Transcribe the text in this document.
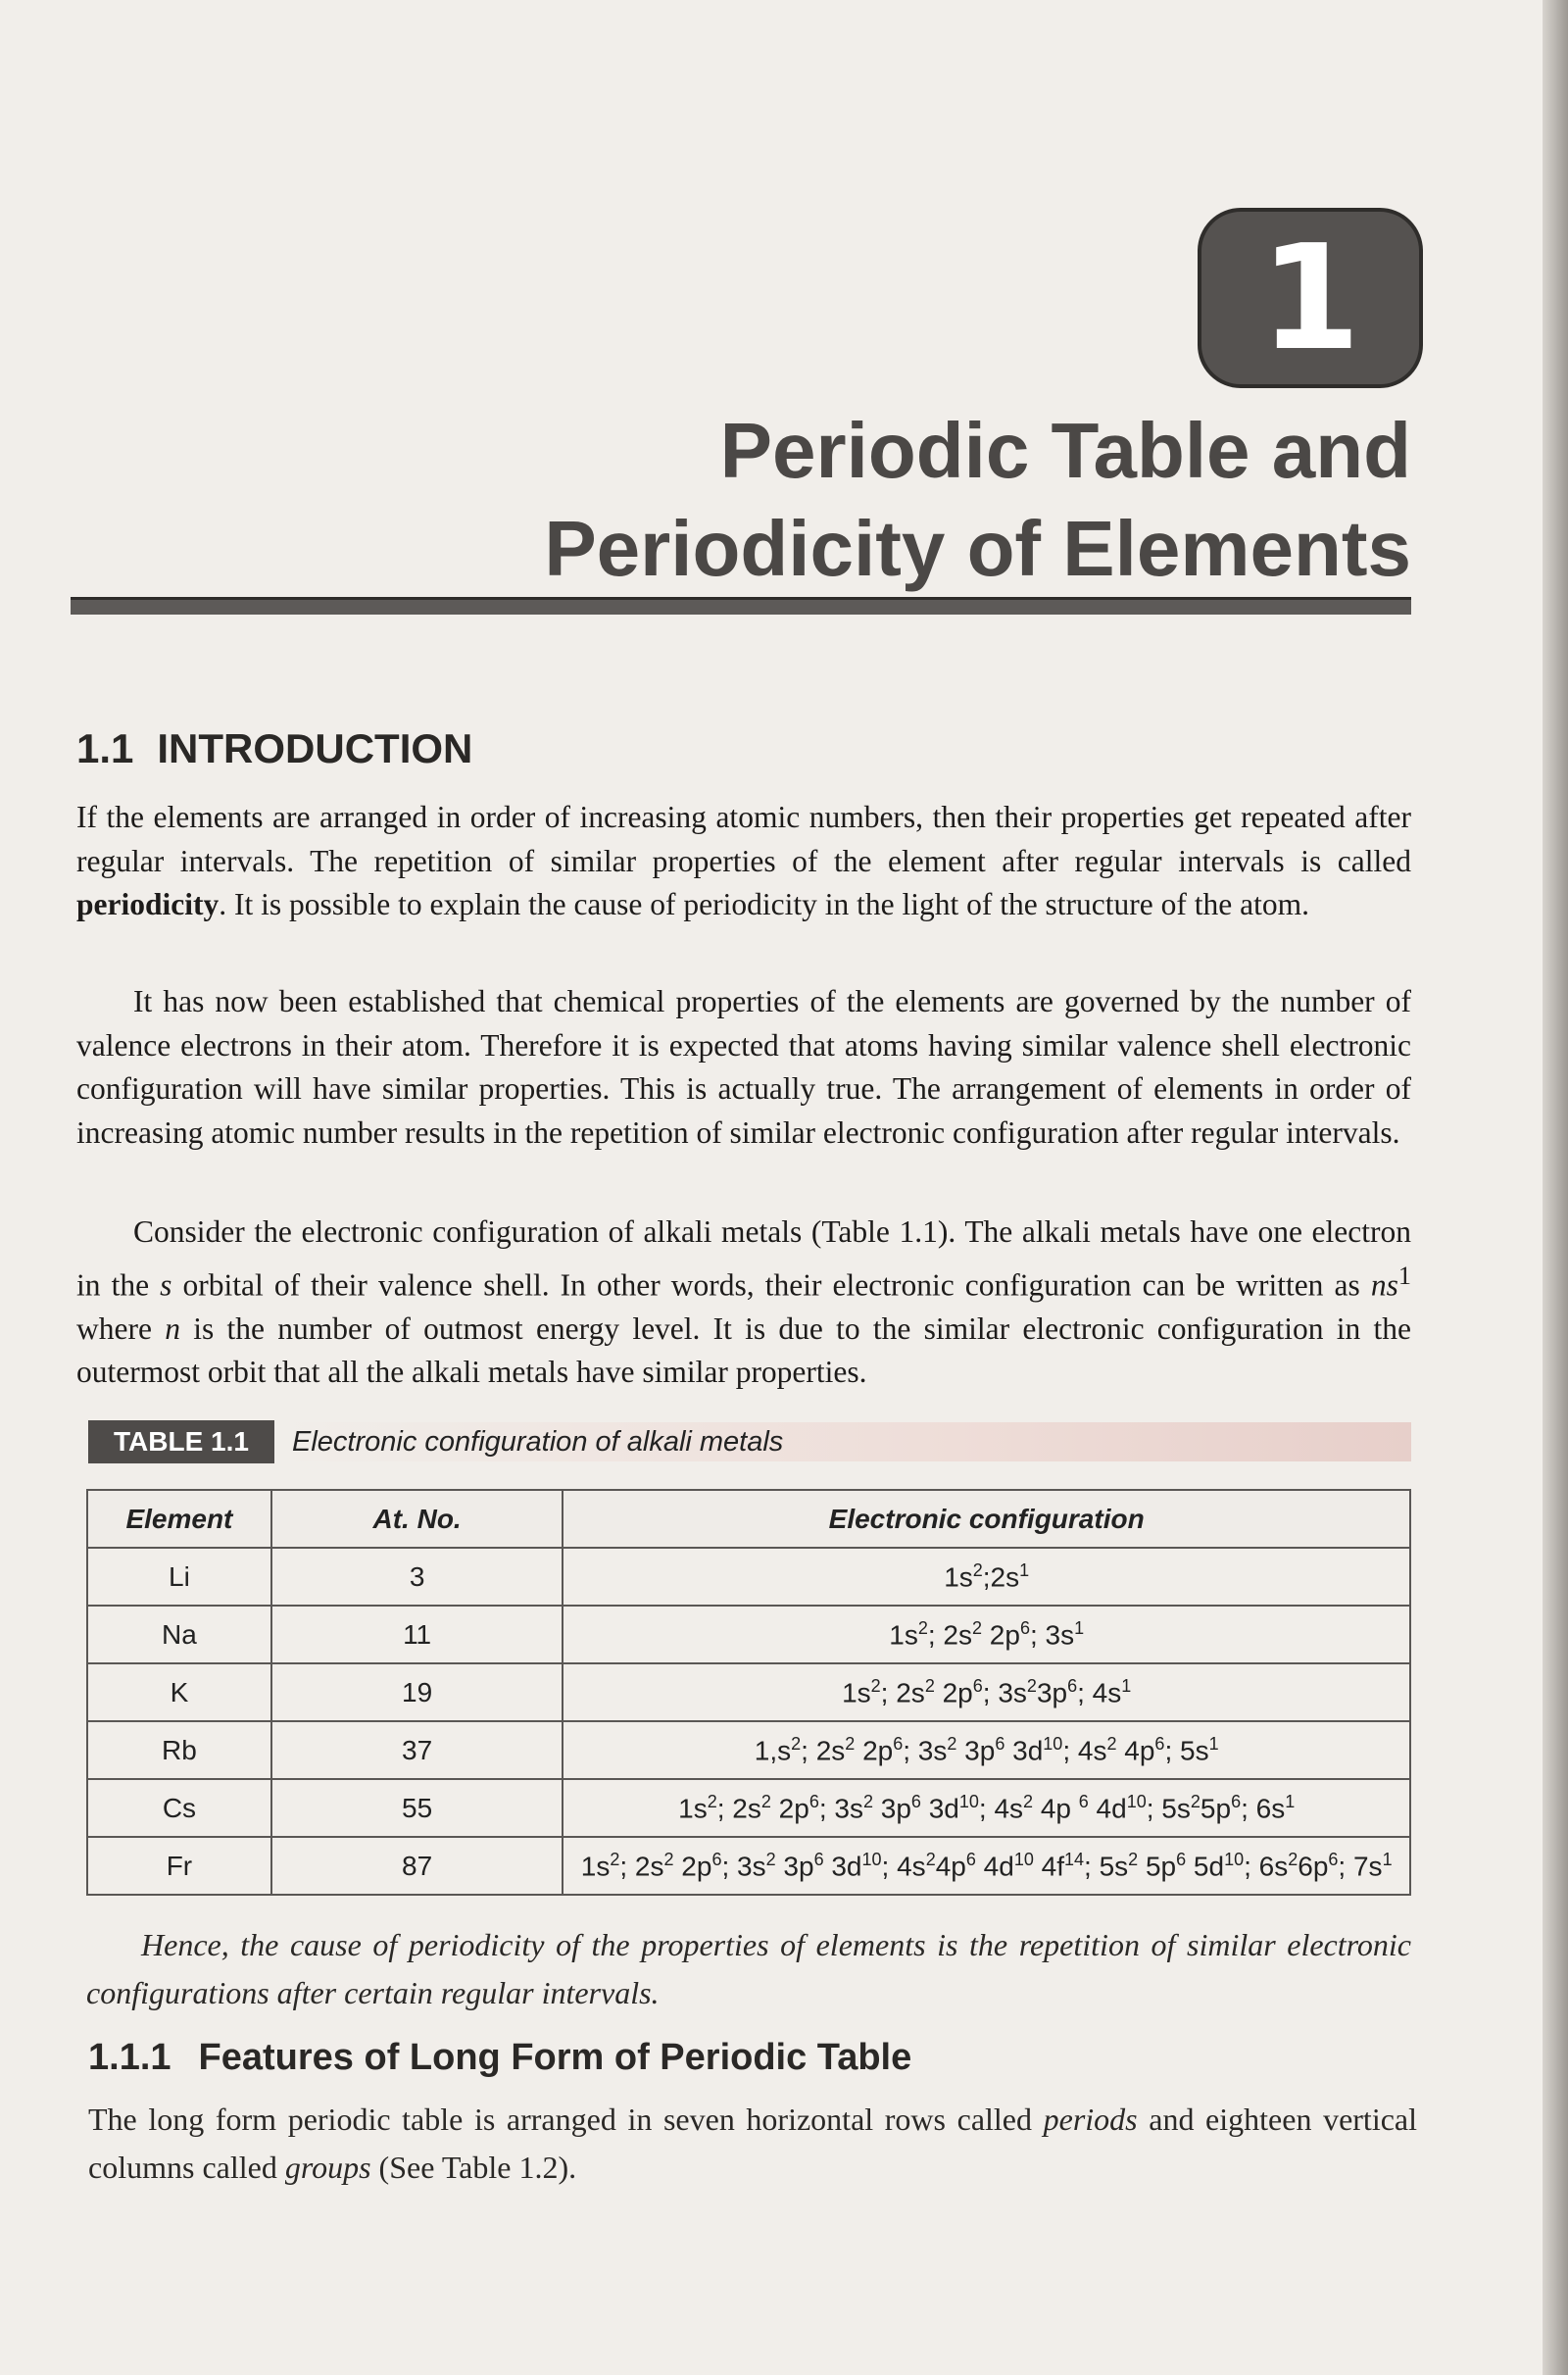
1
Periodic Table and
Periodicity of Elements
1.1 INTRODUCTION

If the elements are arranged in order of increasing atomic numbers, then their properties get repeated after regular intervals. The repetition of similar properties of the element after regular intervals is called periodicity. It is possible to explain the cause of periodicity in the light of the structure of the atom.

It has now been established that chemical properties of the elements are governed by the number of valence electrons in their atom. Therefore it is expected that atoms having similar valence shell electronic configuration will have similar properties. This is actually true. The arrangement of elements in order of increasing atomic number results in the repetition of similar electronic configuration after regular intervals.

Consider the electronic configuration of alkali metals (Table 1.1). The alkali metals have one electron in the s orbital of their valence shell. In other words, their electronic configuration can be written as $ns^1$ where n is the number of outmost energy level. It is due to the similar electronic configuration in the outermost orbit that all the alkali metals have similar properties.

TABLE 1.1	Electronic configuration of alkali metals
Element	At. No.	Electronic configuration
Li	3	$1s^2;2s^1$
Na	11	$1s^2$; $2s^2$ $2p^6$; $3s^1$
K	19	$1s^2$; $2s^2$ $2p^6$; $3s^23p^6$; $4s^1$
Rb	37	$1,s^2$; $2s^2$ $2p^6$; $3s^2$ $3p^6$ $3d^{10}$; $4s^2$ $4p^6$; $5s^1$
Cs	55	$1s^2$; $2s^2$ $2p^6$; $3s^2$ $3p^6$ $3d^{10}$; $4s^2$ 4p $^6$ $4d^{10}$; $5s^25p^6$; $6s^1$
Fr	87	$1s^2$; $2s^2$ $2p^6$; $3s^2$ $3p^6$ $3d^{10}$; $4s^24p^6$ $4d^{10}$ $4f^{14}$; $5s^2$ $5p^6$ $5d^{10}$; $6s^26p^6$; $7s^1$

Hence, the cause of periodicity of the properties of elements is the repetition of similar electronic configurations after certain regular intervals.

1.1.1 Features of Long Form of Periodic Table

The long form periodic table is arranged in seven horizontal rows called periods and eighteen vertical columns called groups (See Table 1.2).
